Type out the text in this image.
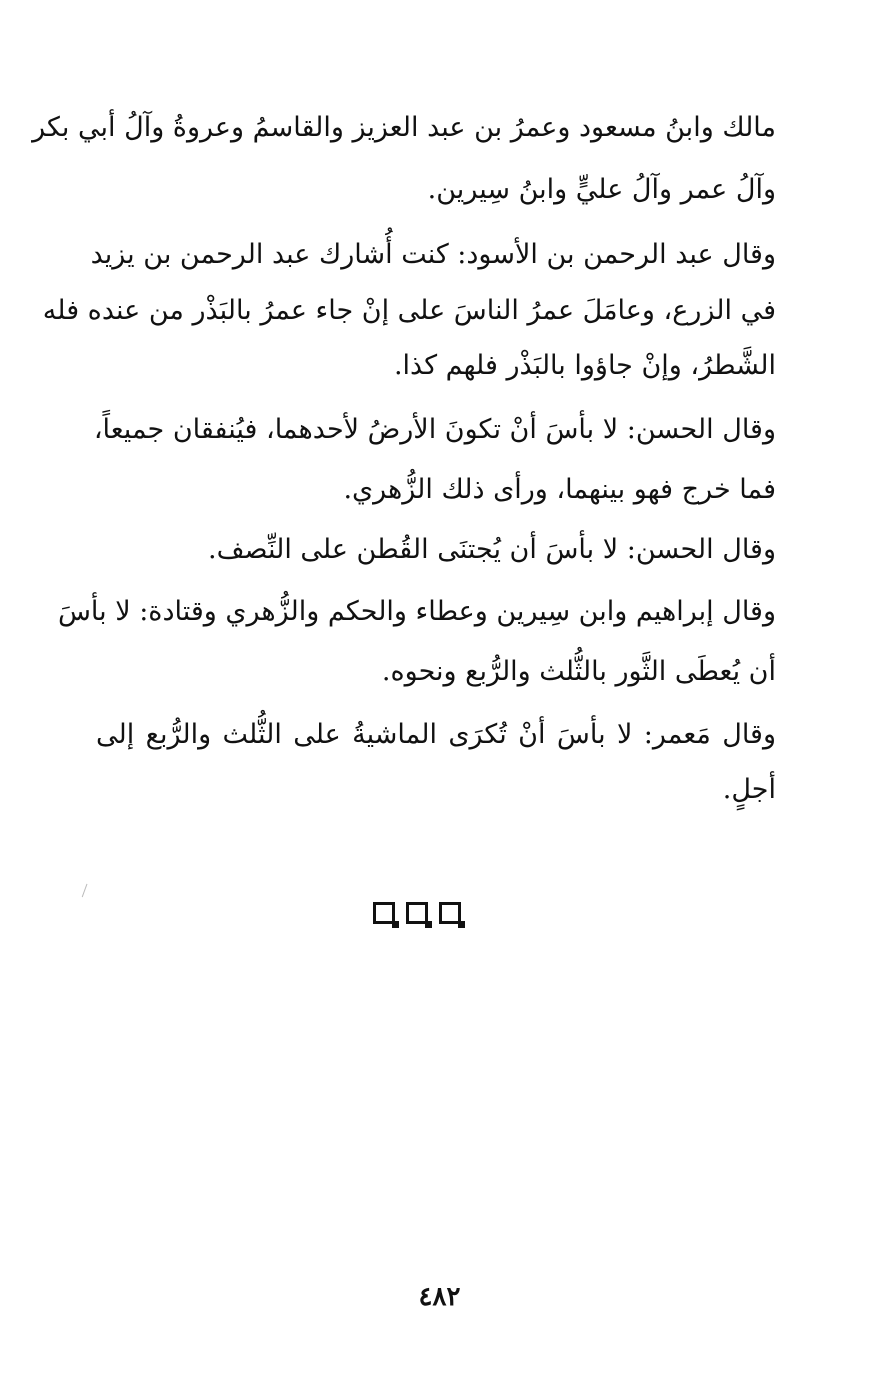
مالك وابنُ مسعود وعمرُ بن عبد العزيز والقاسمُ وعروةُ وآلُ أبي بكر
وآلُ عمر وآلُ عليٍّ وابنُ سِيرين.
وقال عبد الرحمن بن الأسود: كنت أُشارك عبد الرحمن بن يزيد
في الزرع، وعامَلَ عمرُ الناسَ على إنْ جاء عمرُ بالبَذْر من عنده فله
الشَّطرُ، وإنْ جاؤوا بالبَذْر فلهم كذا.
وقال الحسن: لا بأسَ أنْ تكونَ الأرضُ لأحدهما، فيُنفقان جميعاً،
فما خرج فهو بينهما، ورأى ذلك الزُّهري.
وقال الحسن: لا بأسَ أن يُجتنَى القُطن على النِّصف.
وقال إبراهيم وابن سِيرين وعطاء والحكم والزُّهري وقتادة: لا بأسَ
أن يُعطَى الثَّور بالثُّلث والرُّبع ونحوه.
وقال مَعمر: لا بأسَ أنْ تُكرَى الماشيةُ على الثُّلث والرُّبع إلى
أجلٍ.
٤٨٢
